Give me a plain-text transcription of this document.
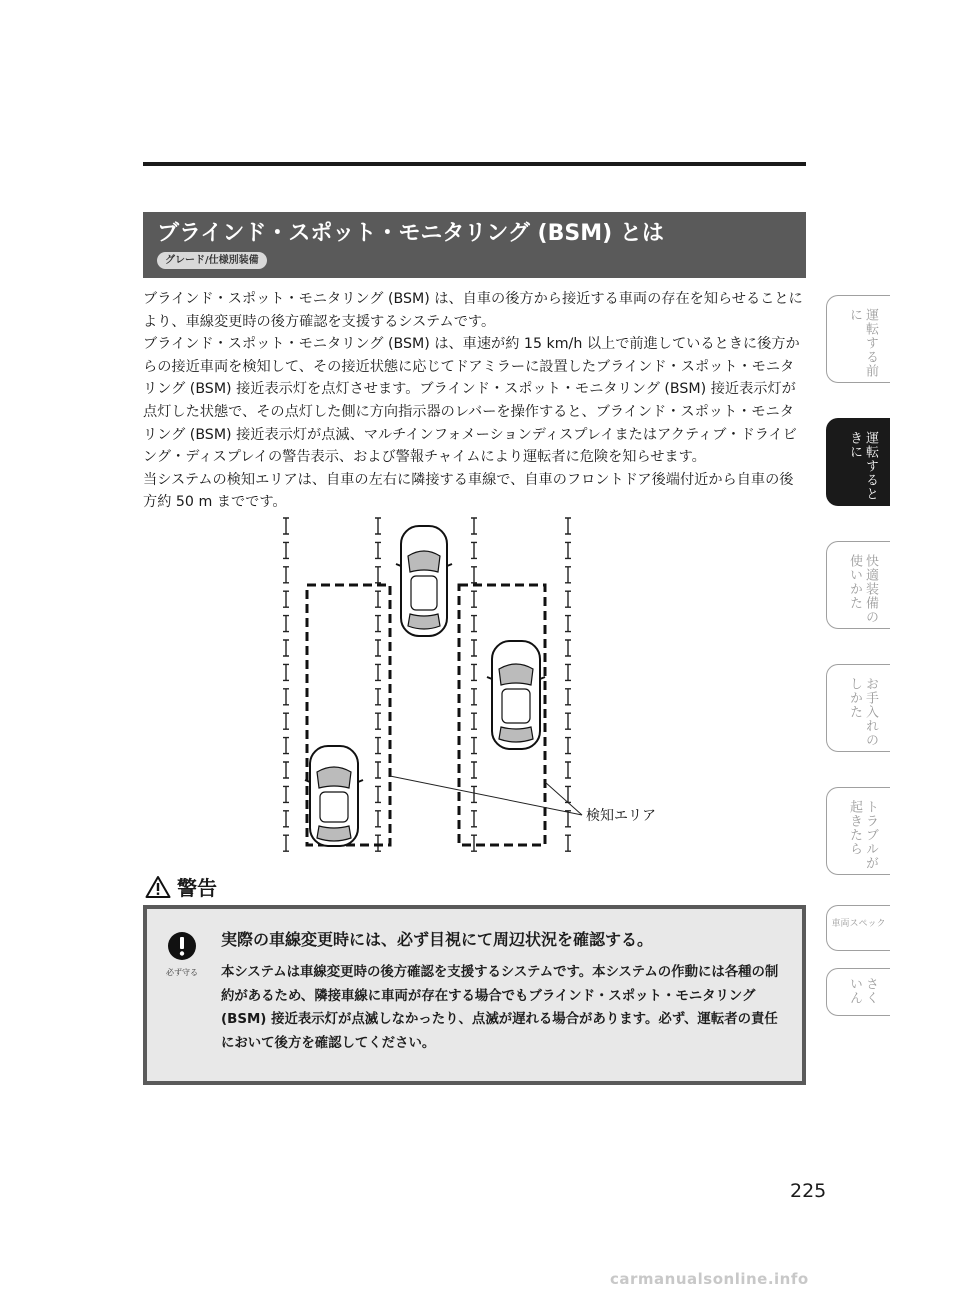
ブラインド・スポット・モニタリング (BSM) とは
グレード/仕様別装備

ブラインド・スポット・モニタリング (BSM) は、自車の後方から接近する車両の存在を知らせることにより、車線変更時の後方確認を支援するシステムです。

ブラインド・スポット・モニタリング (BSM) は、車速が約 15 km/h 以上で前進しているときに後方からの接近車両を検知して、その接近状態に応じてドアミラーに設置したブラインド・スポット・モニタリング (BSM) 接近表示灯を点灯させます。ブラインド・スポット・モニタリング (BSM) 接近表示灯が点灯した状態で、その点灯した側に方向指示器のレバーを操作すると、ブラインド・スポット・モニタリング (BSM) 接近表示灯が点滅、マルチインフォメーションディスプレイまたはアクティブ・ドライビング・ディスプレイの警告表示、および警報チャイムにより運転者に危険を知らせます。

当システムの検知エリアは、自車の左右に隣接する車線で、自車のフロントドア後端付近から自車の後方約 50 m までです。

検知エリア
警告
必ず守る
実際の車線変更時には、必ず目視にて周辺状況を確認する。

本システムは車線変更時の後方確認を支援するシステムです。本システムの作動には各種の制約があるため、隣接車線に車両が存在する場合でもブラインド・スポット・モニタリング (BSM) 接近表示灯が点滅しなかったり、点滅が遅れる場合があります。必ず、運転者の責任において後方を確認してください。

運転する前に
運転するときに
快適装備の使いかた
お手入れのしかた
トラブルが起きたら
車両スペック
さくいん
225
carmanualsonline.info
